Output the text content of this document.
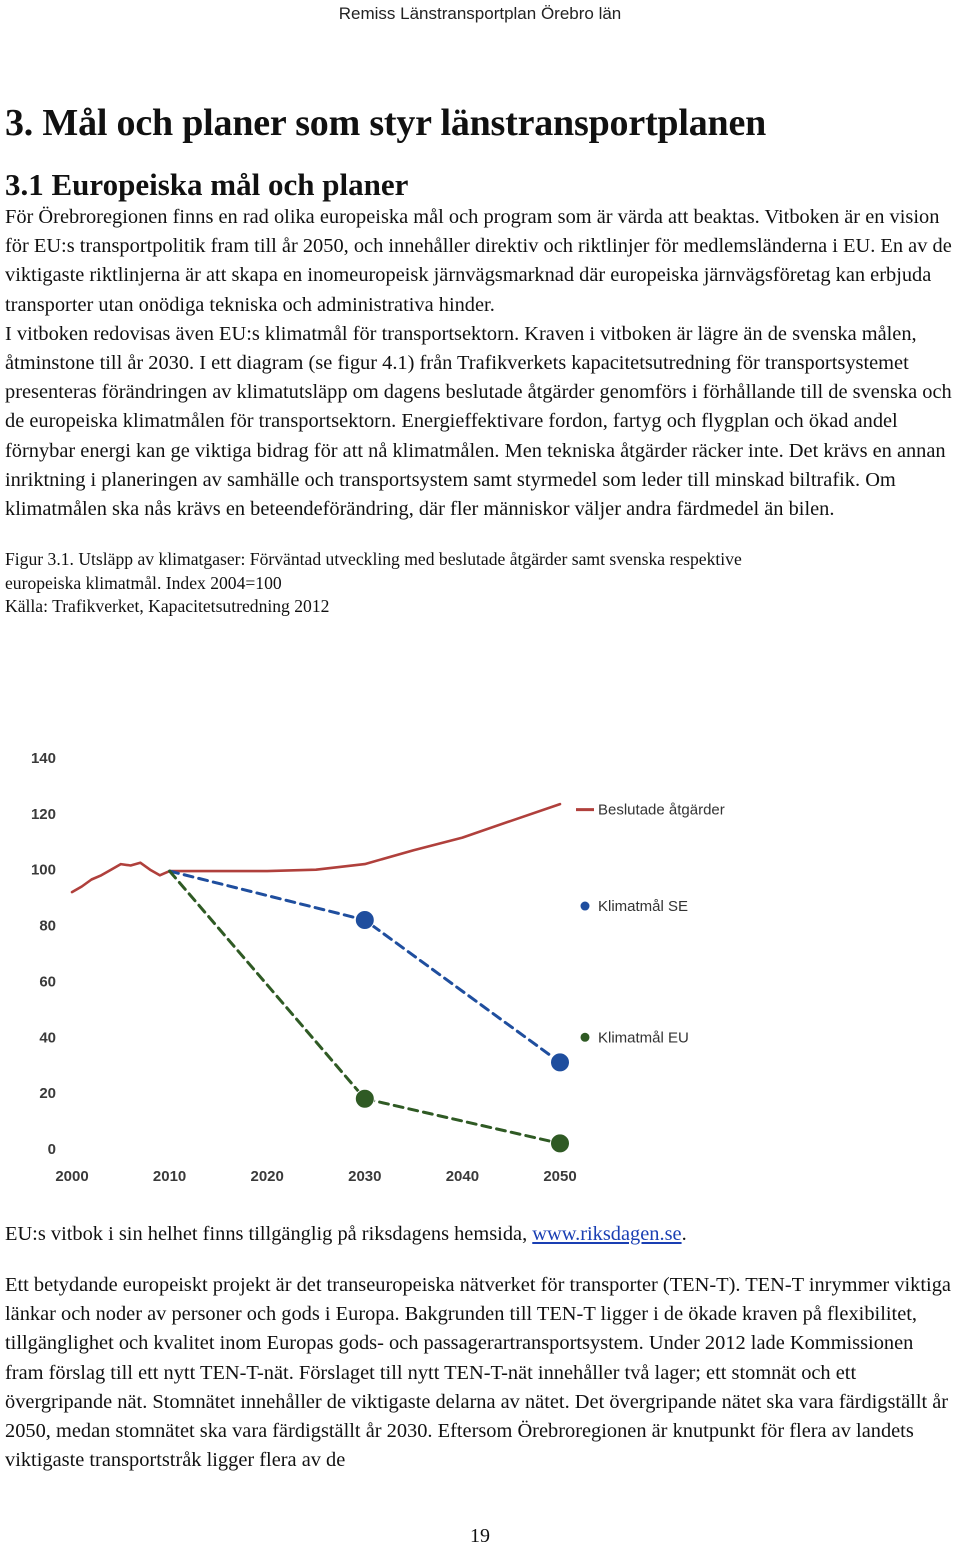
Remiss Länstransportplan Örebro län
3. Mål och planer som styr länstransportplanen
3.1 Europeiska mål och planer

För Örebroregionen finns en rad olika europeiska mål och program som är värda att beaktas. Vitboken är en vision för EU:s transportpolitik fram till år 2050, och innehåller direktiv och riktlinjer för medlemsländerna i EU. En av de viktigaste riktlinjerna är att skapa en inomeuropeisk järnvägsmarknad där europeiska järnvägsföretag kan erbjuda transporter utan onödiga tekniska och administrativa hinder.

I vitboken redovisas även EU:s klimatmål för transportsektorn. Kraven i vitboken är lägre än de svenska målen, åtminstone till år 2030. I ett diagram (se figur 4.1) från Trafikverkets kapacitetsutredning för transportsystemet presenteras förändringen av klimatutsläpp om dagens beslutade åtgärder genomförs i förhållande till de svenska och de europeiska klimatmålen för transportsektorn. Energieffektivare fordon, fartyg och flygplan och ökad andel förnybar energi kan ge viktiga bidrag för att nå klimatmålen. Men tekniska åtgärder räcker inte. Det krävs en annan inriktning i planeringen av samhälle och transportsystem samt styrmedel som leder till minskad biltrafik. Om klimatmålen ska nås krävs en beteendeförändring, där fler människor väljer andra färdmedel än bilen.

Figur 3.1. Utsläpp av klimatgaser: Förväntad utveckling med beslutade åtgärder samt svenska respektive
europeiska klimatmål. Index 2004=100
Källa: Trafikverket, Kapacitetsutredning 2012
0
20
40
60
80
100
120
140
2000	2010	2020	2030	2040	2050
Beslutade åtgärder
Klimatmål SE
Klimatmål EU
EU:s vitbok i sin helhet finns tillgänglig på riksdagens hemsida, www.riksdagen.se.

Ett betydande europeiskt projekt är det transeuropeiska nätverket för transporter (TEN-T). TEN-T inrymmer viktiga länkar och noder av personer och gods i Europa. Bakgrunden till TEN-T ligger i de ökade kraven på flexibilitet, tillgänglighet och kvalitet inom Europas gods- och passagerartransportsystem. Under 2012 lade Kommissionen fram förslag till ett nytt TEN-T-nät. Förslaget till nytt TEN-T-nät innehåller två lager; ett stomnät och ett övergripande nät. Stomnätet innehåller de viktigaste delarna av nätet. Det övergripande nätet ska vara färdigställt år 2050, medan stomnätet ska vara färdigställt år 2030. Eftersom Örebroregionen är knutpunkt för flera av landets viktigaste transportstråk ligger flera av de

19
